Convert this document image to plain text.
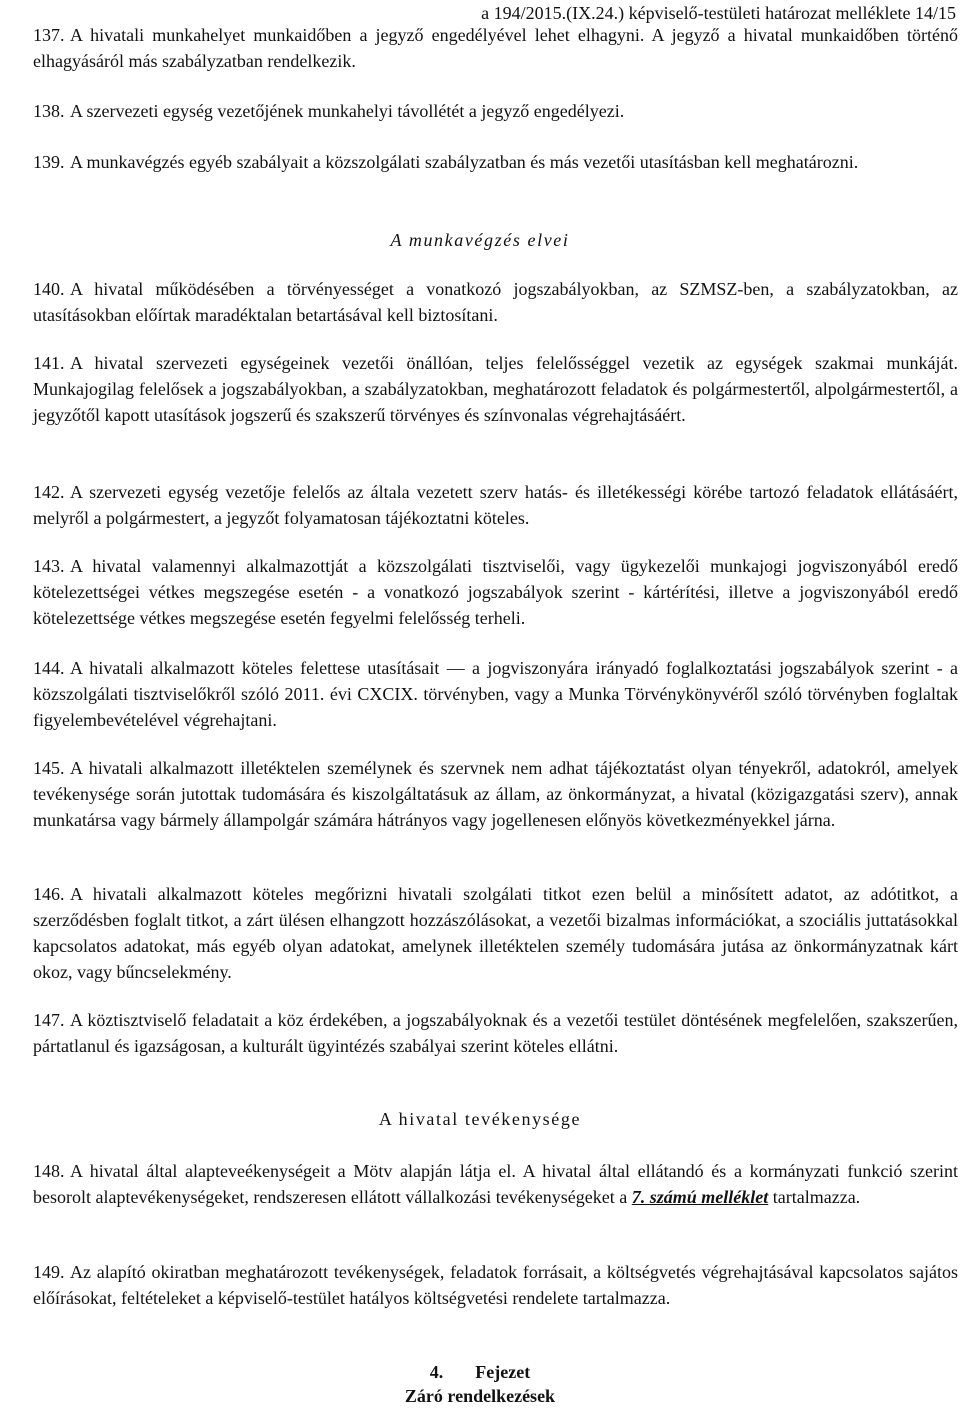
a 194/2015.(IX.24.) képviselő-testületi határozat melléklete 14/15
137. A hivatali munkahelyet munkaidőben a jegyző engedélyével lehet elhagyni. A jegyző a hivatal munkaidőben történő elhagyásáról más szabályzatban rendelkezik.
138. A szervezeti egység vezetőjének munkahelyi távollétét a jegyző engedélyezi.
139. A munkavégzés egyéb szabályait a közszolgálati szabályzatban és más vezetői utasításban kell meghatározni.
A munkavégzés elvei
140. A hivatal működésében a törvényességet a vonatkozó jogszabályokban, az SZMSZ-ben, a szabályzatokban, az utasításokban előírtak maradéktalan betartásával kell biztosítani.
141. A hivatal szervezeti egységeinek vezetői önállóan, teljes felelősséggel vezetik az egységek szakmai munkáját. Munkajogilag felelősek a jogszabályokban, a szabályzatokban, meghatározott feladatok és polgármestertől, alpolgármestertől, a jegyzőtől kapott utasítások jogszerű és szakszerű törvényes és színvonalas végrehajtásáért.
142. A szervezeti egység vezetője felelős az általa vezetett szerv hatás- és illetékességi körébe tartozó feladatok ellátásáért, melyről a polgármestert, a jegyzőt folyamatosan tájékoztatni köteles.
143. A hivatal valamennyi alkalmazottját a közszolgálati tisztviselői, vagy ügykezelői munkajogi jogviszonyából eredő kötelezettségei vétkes megszegése esetén - a vonatkozó jogszabályok szerint - kártérítési, illetve a jogviszonyából eredő kötelezettsége vétkes megszegése esetén fegyelmi felelősség terheli.
144. A hivatali alkalmazott köteles felettese utasításait — a jogviszonyára irányadó foglalkoztatási jogszabályok szerint - a közszolgálati tisztviselőkről szóló 2011. évi CXCIX. törvényben, vagy a Munka Törvénykönyvéről szóló törvényben foglaltak figyelembevételével végrehajtani.
145. A hivatali alkalmazott illetéktelen személynek és szervnek nem adhat tájékoztatást olyan tényekről, adatokról, amelyek tevékenysége során jutottak tudomására és kiszolgáltatásuk az állam, az önkormányzat, a hivatal (közigazgatási szerv), annak munkatársa vagy bármely állampolgár számára hátrányos vagy jogellenesen előnyös következményekkel járna.
146. A hivatali alkalmazott köteles megőrizni hivatali szolgálati titkot ezen belül a minősített adatot, az adótitkot, a szerződésben foglalt titkot, a zárt ülésen elhangzott hozzászólásokat, a vezetői bizalmas információkat, a szociális juttatásokkal kapcsolatos adatokat, más egyéb olyan adatokat, amelynek illetéktelen személy tudomására jutása az önkormányzatnak kárt okoz, vagy bűncselekmény.
147. A köztisztviselő feladatait a köz érdekében, a jogszabályoknak és a vezetői testület döntésének megfelelően, szakszerűen, pártatlanul és igazságosan, a kulturált ügyintézés szabályai szerint köteles ellátni.
A hivatal tevékenysége
148. A hivatal által alapteveékenységeit a Mötv alapján látja el. A hivatal által ellátandó és a kormányzati funkció szerint besorolt alaptevékenységeket, rendszeresen ellátott vállalkozási tevékenységeket a 7. számú melléklet tartalmazza.
149. Az alapító okiratban meghatározott tevékenységek, feladatok forrásait, a költségvetés végrehajtásával kapcsolatos sajátos előírásokat, feltételeket a képviselő-testület hatályos költségvetési rendelete tartalmazza.
4. Fejezet
Záró rendelkezések
